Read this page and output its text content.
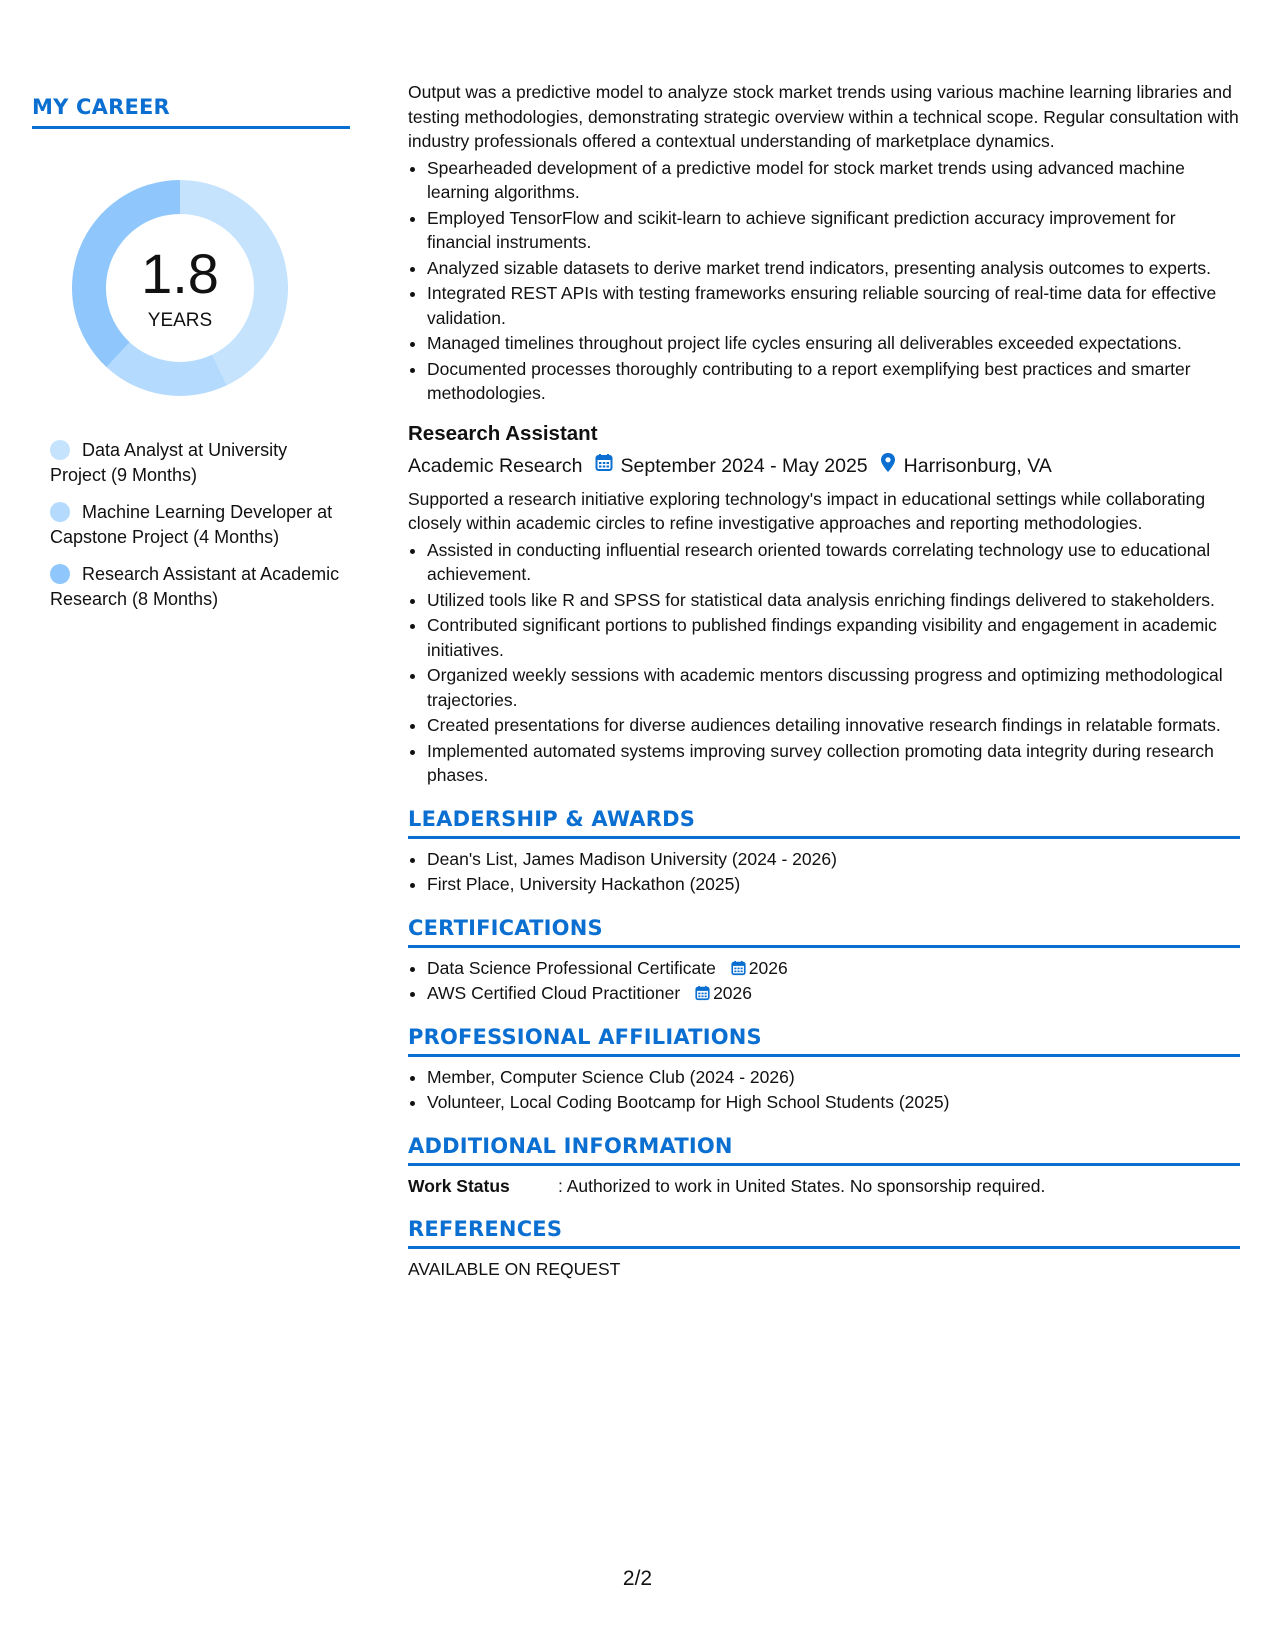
MY CAREER
1.8
YEARS
Data Analyst at University Project (9 Months)
Machine Learning Developer at Capstone Project (4 Months)
Research Assistant at Academic Research (8 Months)

Output was a predictive model to analyze stock market trends using various machine learning libraries and testing methodologies, demonstrating strategic overview within a technical scope. Regular consultation with industry professionals offered a contextual understanding of marketplace dynamics.

• Spearheaded development of a predictive model for stock market trends using advanced machine learning algorithms.
• Employed TensorFlow and scikit-learn to achieve significant prediction accuracy improvement for financial instruments.
• Analyzed sizable datasets to derive market trend indicators, presenting analysis outcomes to experts.
• Integrated REST APIs with testing frameworks ensuring reliable sourcing of real-time data for effective validation.
• Managed timelines throughout project life cycles ensuring all deliverables exceeded expectations.
• Documented processes thoroughly contributing to a report exemplifying best practices and smarter methodologies.
Research Assistant
Academic Research September 2024 - May 2025 Harrisonburg, VA

Supported a research initiative exploring technology's impact in educational settings while collaborating closely within academic circles to refine investigative approaches and reporting methodologies.

• Assisted in conducting influential research oriented towards correlating technology use to educational achievement.
• Utilized tools like R and SPSS for statistical data analysis enriching findings delivered to stakeholders.
• Contributed significant portions to published findings expanding visibility and engagement in academic initiatives.
• Organized weekly sessions with academic mentors discussing progress and optimizing methodological trajectories.
• Created presentations for diverse audiences detailing innovative research findings in relatable formats.
• Implemented automated systems improving survey collection promoting data integrity during research phases.
LEADERSHIP & AWARDS
• Dean's List, James Madison University (2024 - 2026)
• First Place, University Hackathon (2025)
CERTIFICATIONS
• Data Science Professional Certificate 2026
• AWS Certified Cloud Practitioner 2026
PROFESSIONAL AFFILIATIONS
• Member, Computer Science Club (2024 - 2026)
• Volunteer, Local Coding Bootcamp for High School Students (2025)
ADDITIONAL INFORMATION
Work Status	: Authorized to work in United States. No sponsorship required.
REFERENCES
AVAILABLE ON REQUEST
2/2
